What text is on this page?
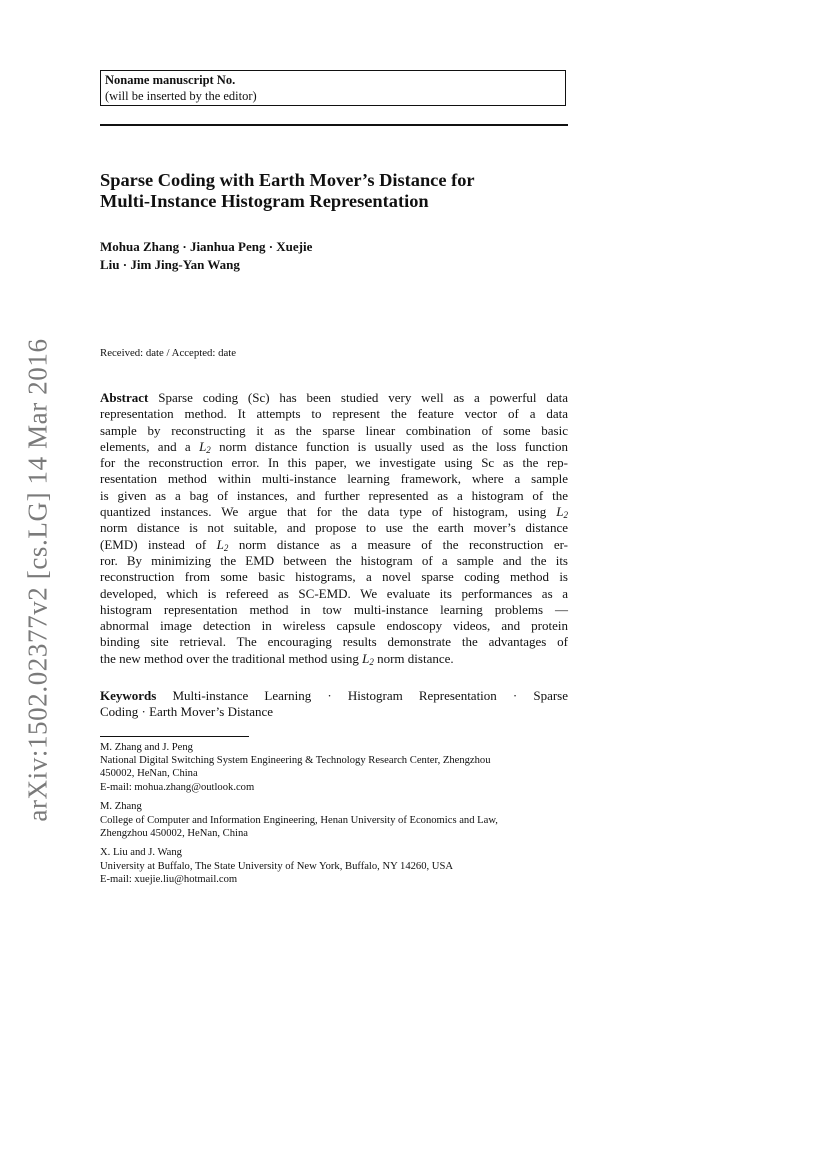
arXiv:1502.02377v2 [cs.LG] 14 Mar 2016
Noname manuscript No.
(will be inserted by the editor)
Sparse Coding with Earth Mover’s Distance for
Multi-Instance Histogram Representation
Mohua Zhang · Jianhua Peng · Xuejie
Liu · Jim Jing-Yan Wang
Received: date / Accepted: date
Abstract Sparse coding (Sc) has been studied very well as a powerful data
representation method. It attempts to represent the feature vector of a data
sample by reconstructing it as the sparse linear combination of some basic
elements, and a $L_2$ norm distance function is usually used as the loss function
for the reconstruction error. In this paper, we investigate using Sc as the rep-
resentation method within multi-instance learning framework, where a sample
is given as a bag of instances, and further represented as a histogram of the
quantized instances. We argue that for the data type of histogram, using $L_2$
norm distance is not suitable, and propose to use the earth mover’s distance
(EMD) instead of $L_2$ norm distance as a measure of the reconstruction er-
ror. By minimizing the EMD between the histogram of a sample and the its
reconstruction from some basic histograms, a novel sparse coding method is
developed, which is refereed as SC-EMD. We evaluate its performances as a
histogram representation method in tow multi-instance learning problems —
abnormal image detection in wireless capsule endoscopy videos, and protein
binding site retrieval. The encouraging results demonstrate the advantages of
the new method over the traditional method using $L_2$ norm distance.
Keywords Multi-instance Learning · Histogram Representation · Sparse
Coding · Earth Mover’s Distance
M. Zhang and J. Peng
National Digital Switching System Engineering & Technology Research Center, Zhengzhou
450002, HeNan, China
E-mail: mohua.zhang@outlook.com
M. Zhang
College of Computer and Information Engineering, Henan University of Economics and Law,
Zhengzhou 450002, HeNan, China
X. Liu and J. Wang
University at Buffalo, The State University of New York, Buffalo, NY 14260, USA
E-mail: xuejie.liu@hotmail.com
